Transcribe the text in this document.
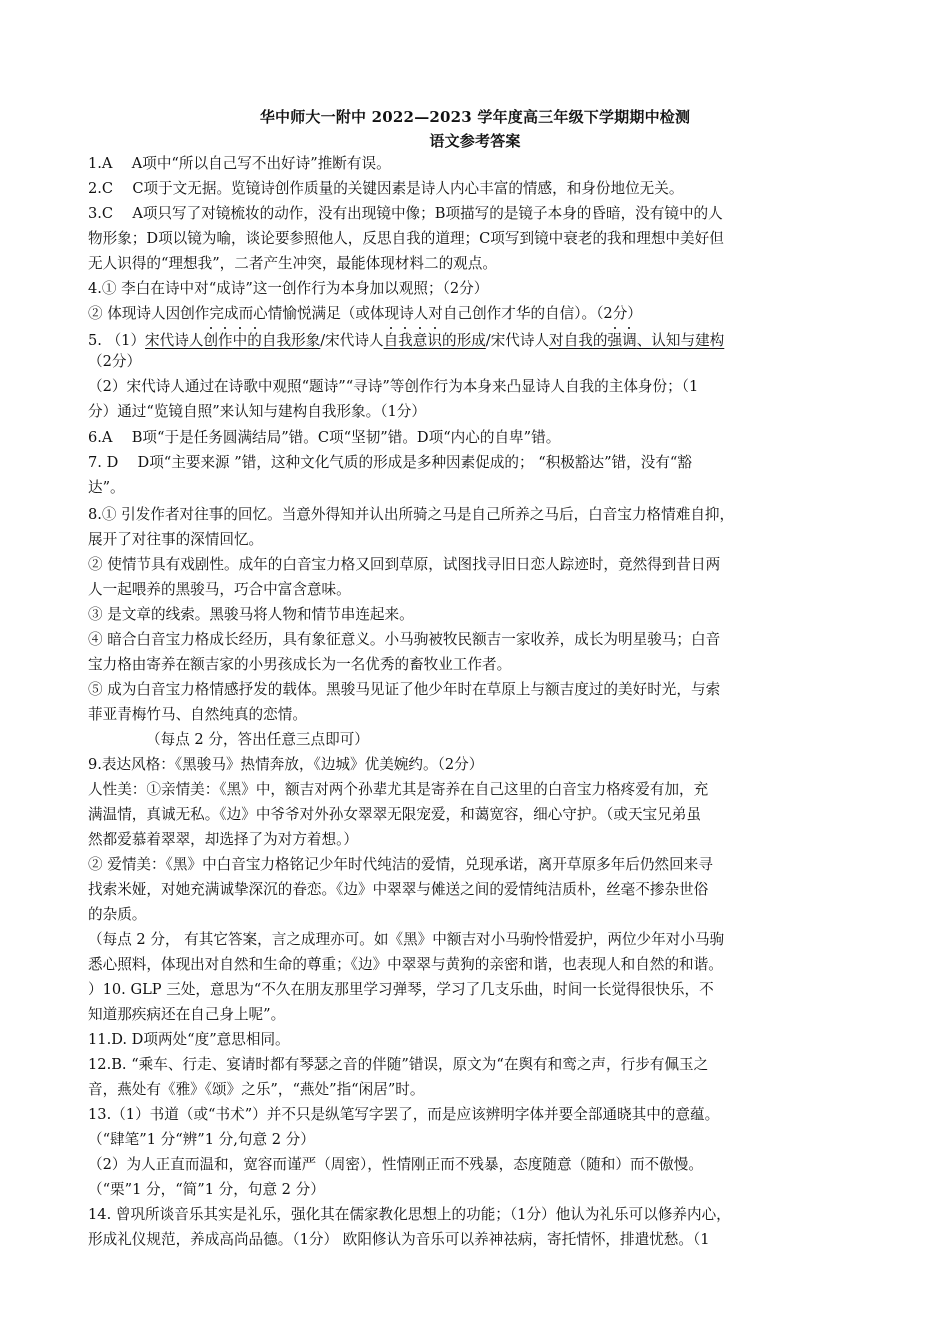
华中师大一附中 2022—2023 学年度高三年级下学期期中检测
语文参考答案
1.A　 A项中“所以自己写不出好诗”推断有误。
2.C　 C项于文无据。览镜诗创作质量的关键因素是诗人内心丰富的情感，和身份地位无关。
3.C　 A项只写了对镜梳妆的动作，没有出现镜中像；B项描写的是镜子本身的昏暗，没有镜中的人
物形象；D项以镜为喻，谈论要参照他人，反思自我的道理；C项写到镜中衰老的我和理想中美好但
无人识得的“理想我”，二者产生冲突，最能体现材料二的观点。
4.① 李白在诗中对“成诗”这一创作行为本身加以观照；（2分）
② 体现诗人因创作完成而心情愉悦满足（或体现诗人对自己创作才华的自信）。（2分）
5. （1）宋代诗人创作中的自我形象/宋代诗人自我意识的形成/宋代诗人对自我的强调、认知与建构
（2分）
（2）宋代诗人通过在诗歌中观照“题诗”“寻诗”等创作行为本身来凸显诗人自我的主体身份；（1
分）通过“览镜自照”来认知与建构自我形象。（1分）
6.A　 B项“于是任务圆满结局”错。C项“坚韧”错。D项“内心的自卑”错。
7. D　 D项“主要来源 ”错，这种文化气质的形成是多种因素促成的； “积极豁达”错，没有“豁
达”。
8.① 引发作者对往事的回忆。当意外得知并认出所骑之马是自己所养之马后，白音宝力格情难自抑，
展开了对往事的深情回忆。
② 使情节具有戏剧性。成年的白音宝力格又回到草原，试图找寻旧日恋人踪迹时，竟然得到昔日两
人一起喂养的黑骏马，巧合中富含意味。
③ 是文章的线索。黑骏马将人物和情节串连起来。
④ 暗合白音宝力格成长经历，具有象征意义。小马驹被牧民额吉一家收养，成长为明星骏马；白音
宝力格由寄养在额吉家的小男孩成长为一名优秀的畜牧业工作者。
⑤ 成为白音宝力格情感抒发的载体。黑骏马见证了他少年时在草原上与额吉度过的美好时光，与索
菲亚青梅竹马、自然纯真的恋情。
（每点 2 分，答出任意三点即可）
9.表达风格：《黑骏马》热情奔放，《边城》优美婉约。（2分）
人性美：①亲情美：《黑》中，额吉对两个孙辈尤其是寄养在自己这里的白音宝力格疼爱有加，充
满温情，真诚无私。《边》中爷爷对外孙女翠翠无限宠爱，和蔼宽容，细心守护。（或天宝兄弟虽
然都爱慕着翠翠，却选择了为对方着想。）
② 爱情美：《黑》中白音宝力格铭记少年时代纯洁的爱情，兑现承诺，离开草原多年后仍然回来寻
找索米娅，对她充满诚挚深沉的眷恋。《边》中翠翠与傩送之间的爱情纯洁质朴，丝毫不掺杂世俗
的杂质。
（每点 2 分， 有其它答案，言之成理亦可。如《黑》中额吉对小马驹怜惜爱护，两位少年对小马驹
悉心照料，体现出对自然和生命的尊重；《边》中翠翠与黄狗的亲密和谐，也表现人和自然的和谐。
）10. GLP 三处，意思为“不久在朋友那里学习弹琴，学习了几支乐曲，时间一长觉得很快乐，不
知道那疾病还在自己身上呢”。
11.D. D项两处“度”意思相同。
12.B. “乘车、行走、宴请时都有琴瑟之音的伴随”错误，原文为“在舆有和鸾之声，行步有佩玉之
音，燕处有《雅》《颂》之乐”，“燕处”指“闲居”时。
13.（1）书道（或“书术”）并不只是纵笔写字罢了，而是应该辨明字体并要全部通晓其中的意蕴。
（“肆笔”1 分“辨”1 分,句意 2 分）
（2）为人正直而温和，宽容而谨严（周密），性情刚正而不残暴，态度随意（随和）而不傲慢。
（“栗”1 分，“简”1 分，句意 2 分）
14. 曾巩所谈音乐其实是礼乐，强化其在儒家教化思想上的功能；（1分）他认为礼乐可以修养内心，
形成礼仪规范，养成高尚品德。（1分） 欧阳修认为音乐可以养神祛病，寄托情怀，排遣忧愁。（1
